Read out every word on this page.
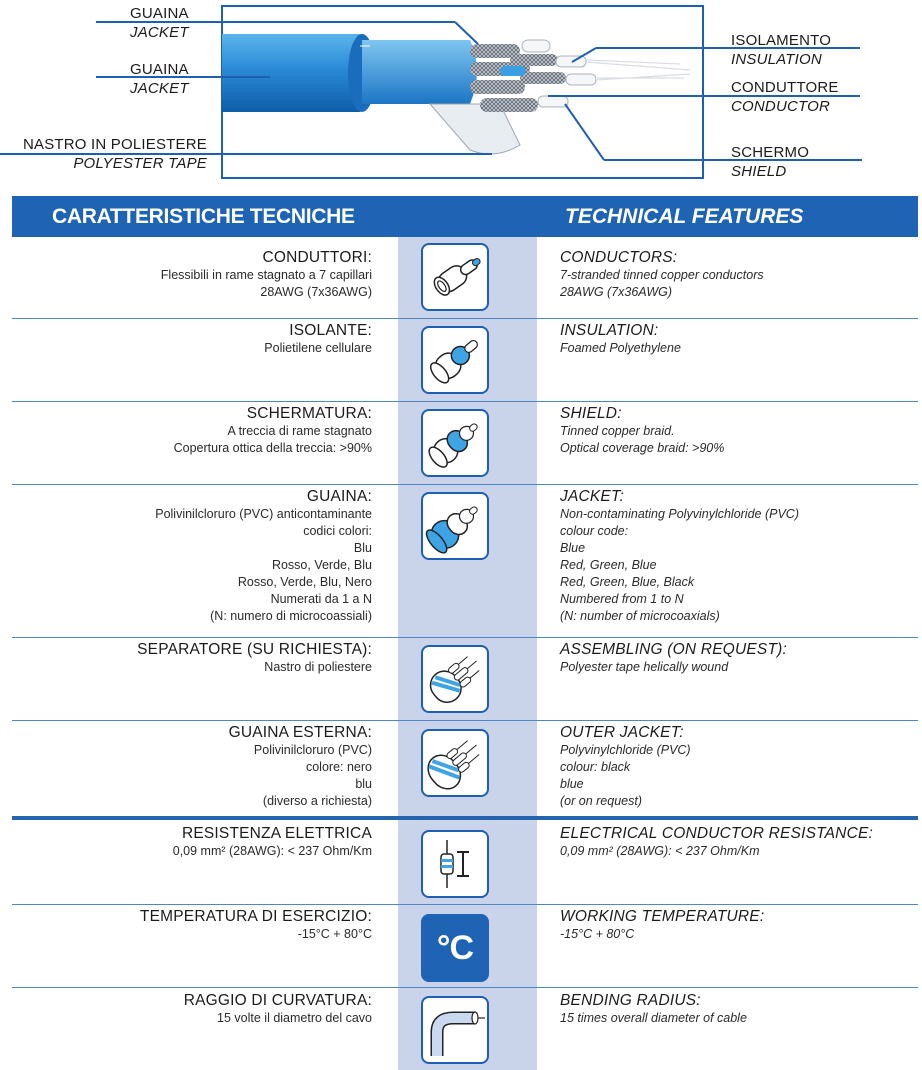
GUAINA
JACKET
GUAINA
JACKET
NASTRO IN POLIESTERE
POLYESTER TAPE
ISOLAMENTO
INSULATION
CONDUTTORE
CONDUCTOR
SCHERMO
SHIELD
CARATTERISTICHE TECNICHE	TECHNICAL FEATURES
CONDUTTORI:
Flessibili in rame stagnato a 7 capillari
28AWG (7x36AWG)
CONDUCTORS:
7-stranded tinned copper conductors
28AWG (7x36AWG)
ISOLANTE:
Polietilene cellulare
INSULATION:
Foamed Polyethylene
SCHERMATURA:
A treccia di rame stagnato
Copertura ottica della treccia: >90%
SHIELD:
Tinned copper braid.
Optical coverage braid: >90%
GUAINA:
Polivinilcloruro (PVC) anticontaminante
codici colori:
Blu
Rosso, Verde, Blu
Rosso, Verde, Blu, Nero
Numerati da 1 a N
(N: numero di microcoassiali)
JACKET:
Non-contaminating Polyvinylchloride (PVC)
colour code:
Blue
Red, Green, Blue
Red, Green, Blue, Black
Numbered from 1 to N
(N: number of microcoaxials)
SEPARATORE (SU RICHIESTA):
Nastro di poliestere
ASSEMBLING (ON REQUEST):
Polyester tape helically wound
GUAINA ESTERNA:
Polivinilcloruro (PVC)
colore: nero
blu
(diverso a richiesta)
OUTER JACKET:
Polyvinylchloride (PVC)
colour: black
blue
(or on request)
RESISTENZA ELETTRICA
0,09 mm² (28AWG): < 237 Ohm/Km
ELECTRICAL CONDUCTOR RESISTANCE:
0,09 mm² (28AWG): < 237 Ohm/Km
TEMPERATURA DI ESERCIZIO:
-15°C + 80°C
WORKING TEMPERATURE:
-15°C + 80°C
°C
RAGGIO DI CURVATURA:
15 volte il diametro del cavo
BENDING RADIUS:
15 times overall diameter of cable
